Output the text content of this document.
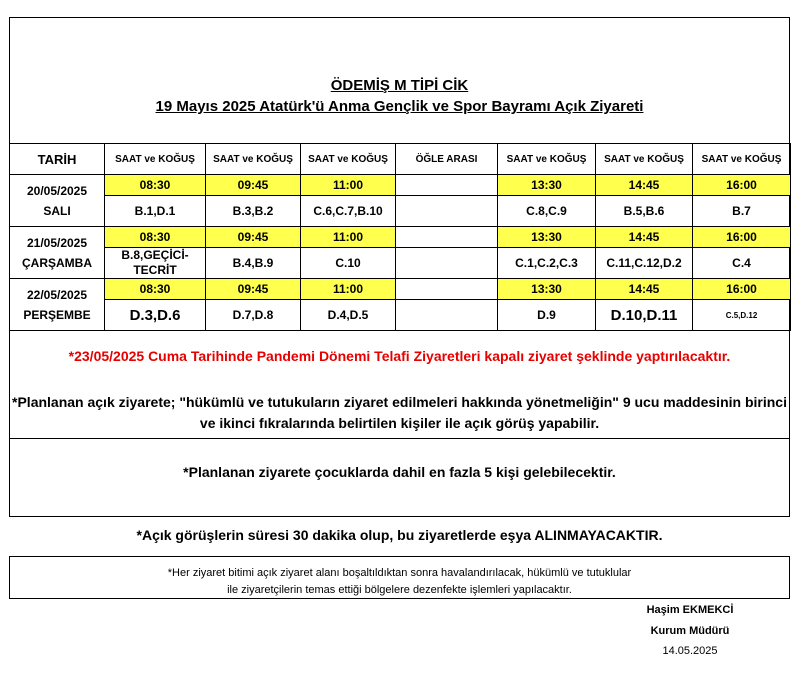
ÖDEMİŞ M TİPİ CİK
19 Mayıs 2025 Atatürk'ü Anma Gençlik ve Spor Bayramı Açık Ziyareti
TARİH	SAAT ve KOĞUŞ	SAAT ve KOĞUŞ	SAAT ve KOĞUŞ	ÖĞLE ARASI	SAAT ve KOĞUŞ	SAAT ve KOĞUŞ	SAAT ve KOĞUŞ

20/05/2025
SALI	08:30	09:45	11:00		13:30	14:45	16:00
	B.1,D.1	B.3,B.2	C.6,C.7,B.10		C.8,C.9	B.5,B.6	B.7

21/05/2025
ÇARŞAMBA	08:30	09:45	11:00		13:30	14:45	16:00
	B.8,GEÇİCİ-TECRİT	B.4,B.9	C.10		C.1,C.2,C.3	C.11,C.12,D.2	C.4

22/05/2025
PERŞEMBE	08:30	09:45	11:00		13:30	14:45	16:00
	D.3,D.6	D.7,D.8	D.4,D.5		D.9	D.10,D.11	C.5,D.12
*23/05/2025 Cuma Tarihinde Pandemi Dönemi Telafi Ziyaretleri kapalı ziyaret şeklinde yaptırılacaktır.
*Planlanan açık ziyarete; "hükümlü ve tutukuların ziyaret edilmeleri hakkında yönetmeliğin" 9 ucu maddesinin birinci ve ikinci fıkralarında belirtilen kişiler ile açık görüş yapabilir.
*Planlanan ziyarete çocuklarda dahil en fazla 5 kişi gelebilecektir.
*Açık görüşlerin süresi 30 dakika olup, bu ziyaretlerde eşya ALINMAYACAKTIR.
*Her ziyaret bitimi açık ziyaret alanı boşaltıldıktan sonra havalandırılacak, hükümlü ve tutuklular
ile ziyaretçilerin temas ettiği bölgelere dezenfekte işlemleri yapılacaktır.
Haşim EKMEKCİ
Kurum Müdürü
14.05.2025
